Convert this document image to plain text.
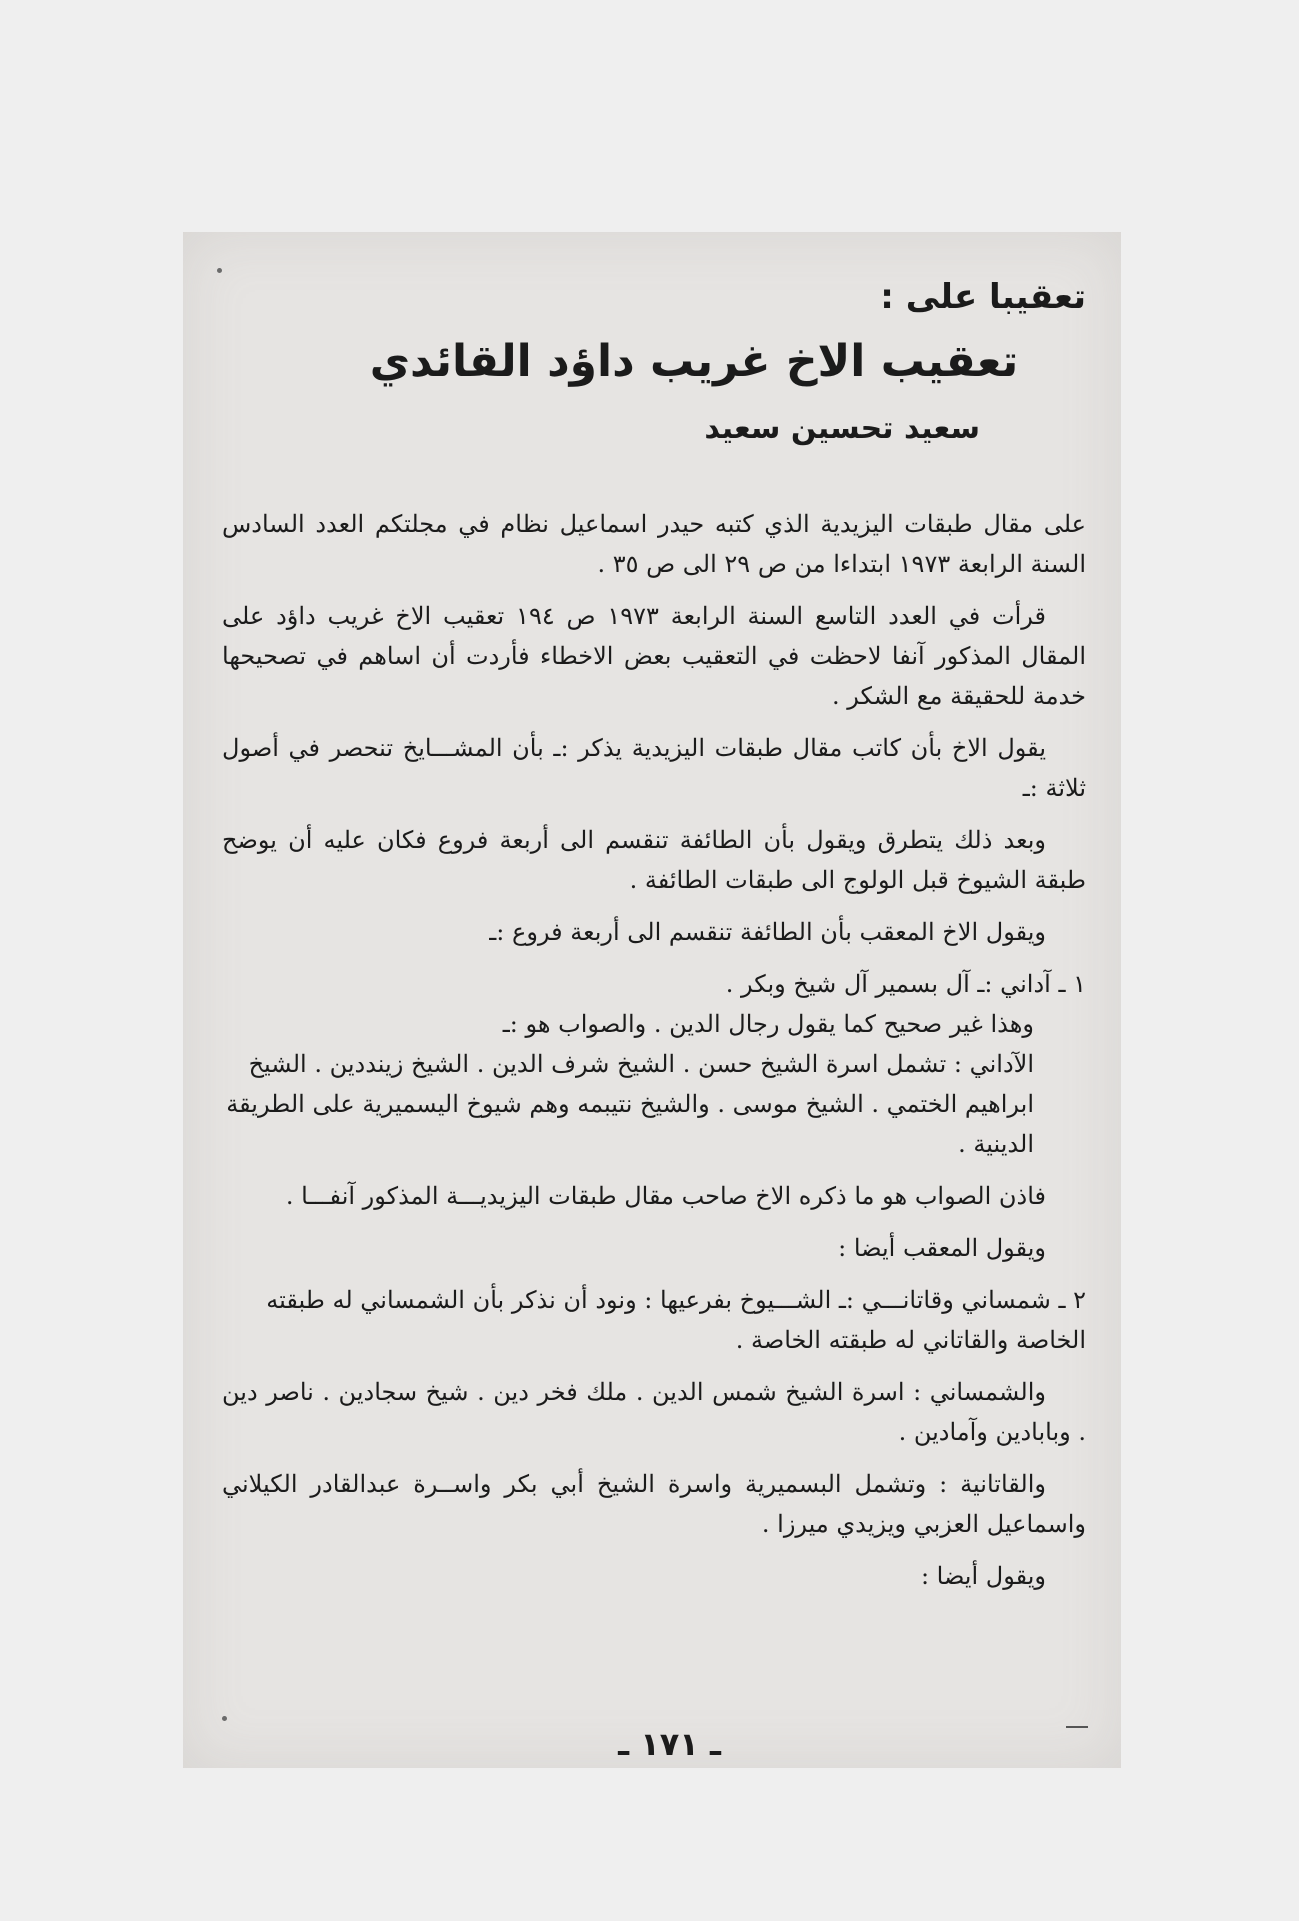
تعقيبا على :
تعقيب الاخ غريب داؤد القائدي
سعيد تحسين سعيد

على مقال طبقات اليزيدية الذي كتبه حيدر اسماعيل نظام في مجلتكم العدد السادس السنة الرابعة ١٩٧٣ ابتداءا من ص ٢٩ الى ص ٣٥ .

قرأت في العدد التاسع السنة الرابعة ١٩٧٣ ص ١٩٤ تعقيب الاخ غريب داؤد على المقال المذكور آنفا لاحظت في التعقيب بعض الاخطاء فأردت أن اساهم في تصحيحها خدمة للحقيقة مع الشكر .

يقول الاخ بأن كاتب مقال طبقات اليزيدية يذكر :ـ بأن المشـــايخ تنحصر في أصول ثلاثة :ـ

وبعد ذلك يتطرق ويقول بأن الطائفة تنقسم الى أربعة فروع فكان عليه أن يوضح طبقة الشيوخ قبل الولوج الى طبقات الطائفة .

ويقول الاخ المعقب بأن الطائفة تنقسم الى أربعة فروع :ـ

١ ـ آداني :ـ آل بسمير آل شيخ وبكر .
وهذا غير صحيح كما يقول رجال الدين . والصواب هو :ـ
الآداني : تشمل اسرة الشيخ حسن . الشيخ شرف الدين . الشيخ زينددين . الشيخ ابراهيم الختمي . الشيخ موسى . والشيخ نتيبمه وهم شيوخ اليسميرية على الطريقة الدينية .

فاذن الصواب هو ما ذكره الاخ صاحب مقال طبقات اليزيديـــة المذكور آنفـــا .

ويقول المعقب أيضا :

٢ ـ شمساني وقاتانـــي :ـ الشـــيوخ بفرعيها : ونود أن نذكر بأن الشمساني له طبقته الخاصة والقاتاني له طبقته الخاصة .

والشمساني : اسرة الشيخ شمس الدين . ملك فخر دين . شيخ سجادين . ناصر دين . وبابادين وآمادين .

والقاتانية : وتشمل البسميرية واسرة الشيخ أبي بكر واســرة عبدالقادر الكيلاني واسماعيل العزبي ويزيدي ميرزا .

ويقول أيضا :

ـ ١٧١ ـ
